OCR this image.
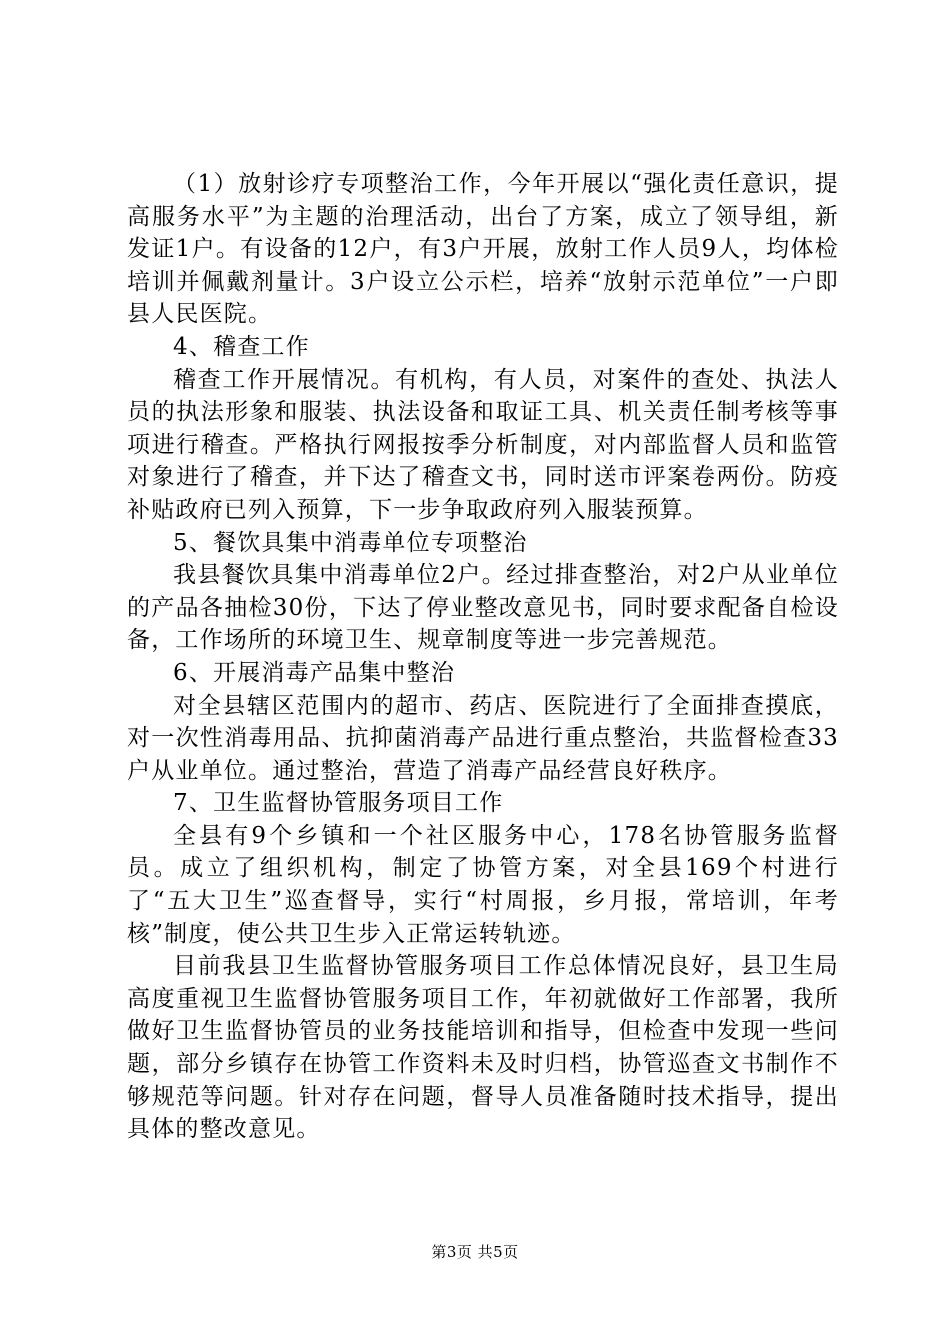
（1）放射诊疗专项整治工作，今年开展以“强化责任意识，提高服务水平”为主题的治理活动，出台了方案，成立了领导组，新发证1户。有设备的12户，有3户开展，放射工作人员9人，均体检培训并佩戴剂量计。3户设立公示栏，培养“放射示范单位”一户即县人民医院。

4、稽查工作

稽查工作开展情况。有机构，有人员，对案件的查处、执法人员的执法形象和服装、执法设备和取证工具、机关责任制考核等事项进行稽查。严格执行网报按季分析制度，对内部监督人员和监管对象进行了稽查，并下达了稽查文书，同时送市评案卷两份。防疫补贴政府已列入预算，下一步争取政府列入服装预算。

5、餐饮具集中消毒单位专项整治

我县餐饮具集中消毒单位2户。经过排查整治，对2户从业单位的产品各抽检30份，下达了停业整改意见书，同时要求配备自检设备，工作场所的环境卫生、规章制度等进一步完善规范。

6、开展消毒产品集中整治

对全县辖区范围内的超市、药店、医院进行了全面排查摸底，对一次性消毒用品、抗抑菌消毒产品进行重点整治，共监督检查33户从业单位。通过整治，营造了消毒产品经营良好秩序。

7、卫生监督协管服务项目工作

全县有9个乡镇和一个社区服务中心，178名协管服务监督员。成立了组织机构，制定了协管方案，对全县169个村进行了“五大卫生”巡查督导，实行“村周报，乡月报，常培训，年考核”制度，使公共卫生步入正常运转轨迹。

目前我县卫生监督协管服务项目工作总体情况良好，县卫生局高度重视卫生监督协管服务项目工作，年初就做好工作部署，我所做好卫生监督协管员的业务技能培训和指导，但检查中发现一些问题，部分乡镇存在协管工作资料未及时归档，协管巡查文书制作不够规范等问题。针对存在问题，督导人员准备随时技术指导，提出具体的整改意见。

第3页 共5页
